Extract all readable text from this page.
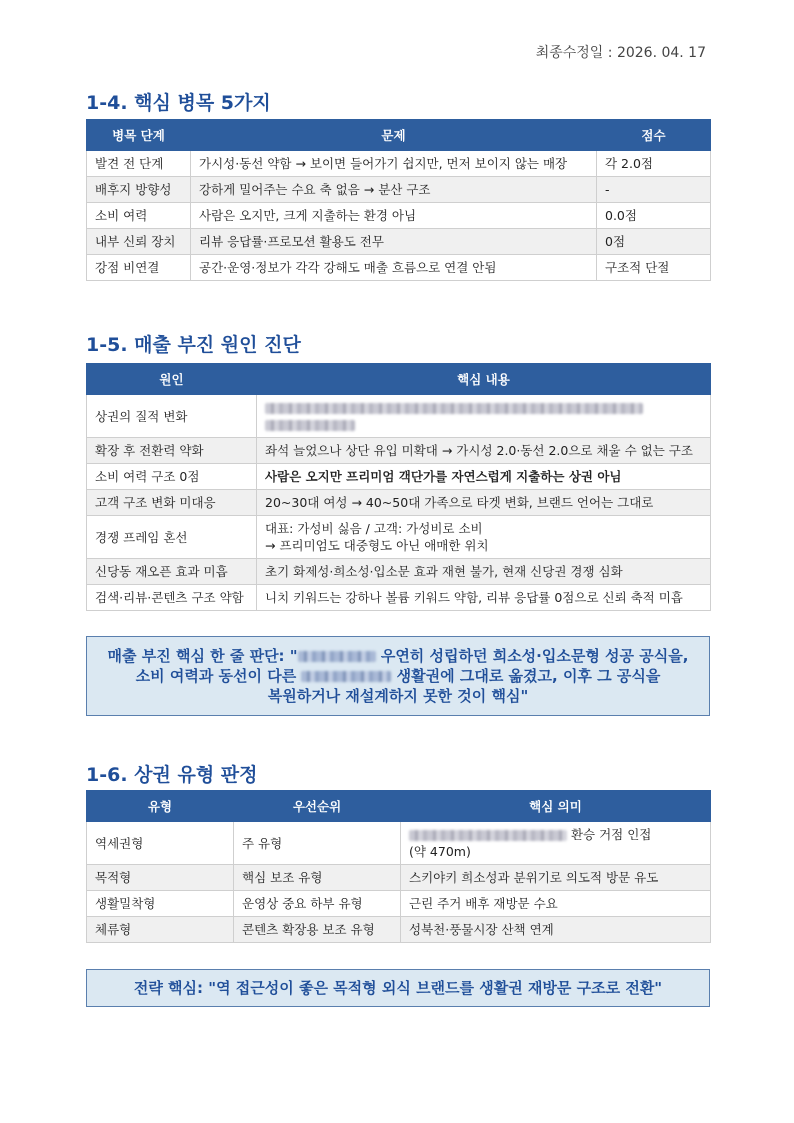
최종수정일 : 2026. 04. 17
1-4. 핵심 병목 5가지
병목 단계	문제	점수
발견 전 단계	가시성·동선 약함 → 보이면 들어가기 쉽지만, 먼저 보이지 않는 매장	각 2.0점
배후지 방향성	강하게 밀어주는 수요 축 없음 → 분산 구조	-
소비 여력	사람은 오지만, 크게 지출하는 환경 아님	0.0점
내부 신뢰 장치	리뷰 응답률·프로모션 활용도 전무	0점
강점 비연결	공간·운영·정보가 각각 강해도 매출 흐름으로 연결 안됨	구조적 단절
1-5. 매출 부진 원인 진단
원인	핵심 내용
상권의 질적 변화	

확장 후 전환력 약화	좌석 늘었으나 상단 유입 미확대 → 가시성 2.0·동선 2.0으로 채울 수 없는 구조
소비 여력 구조 0점	사람은 오지만 프리미엄 객단가를 자연스럽게 지출하는 상권 아님
고객 구조 변화 미대응	20~30대 여성 → 40~50대 가족으로 타겟 변화, 브랜드 언어는 그대로
경쟁 프레임 혼선	대표: 가성비 싫음 / 고객: 가성비로 소비
→ 프리미엄도 대중형도 아닌 애매한 위치
신당동 재오픈 효과 미흡	초기 화제성·희소성·입소문 효과 재현 불가, 현재 신당권 경쟁 심화
검색·리뷰·콘텐츠 구조 약함	니치 키워드는 강하나 볼륨 키워드 약함, 리뷰 응답률 0점으로 신뢰 축적 미흡

매출 부진 핵심 한 줄 판단: "	우연히 성립하던 희소성·입소문형 성공 공식을,

소비 여력과 동선이 다른	생활권에 그대로 옮겼고, 이후 그 공식을

복원하거나 재설계하지 못한 것이 핵심"

1-6. 상권 유형 판정
유형	우선순위	핵심 의미
역세권형	주 유형	환승 거점 인접
(약 470m)
목적형	핵심 보조 유형	스키야키 희소성과 분위기로 의도적 방문 유도
생활밀착형	운영상 중요 하부 유형	근린 주거 배후 재방문 수요
체류형	콘텐츠 확장용 보조 유형	성북천·풍물시장 산책 연계

전략 핵심: "역 접근성이 좋은 목적형 외식 브랜드를 생활권 재방문 구조로 전환"
